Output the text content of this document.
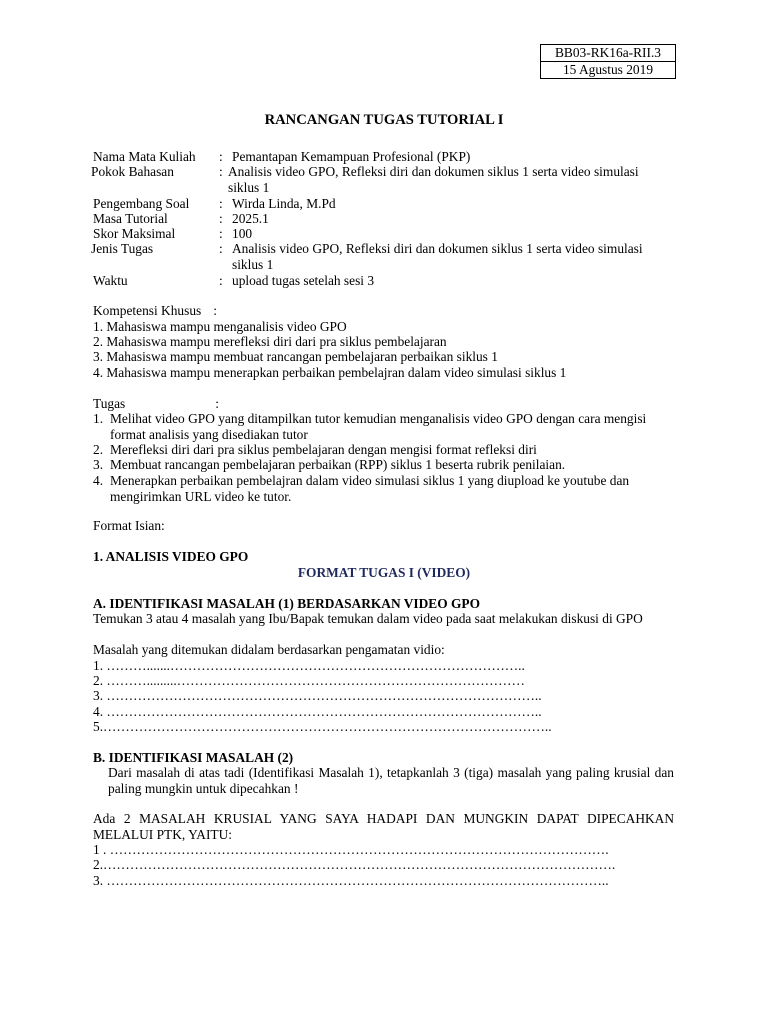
BB03-RK16a-RII.3
15 Agustus 2019
RANCANGAN TUGAS TUTORIAL I
Nama Mata Kuliah : Pemantapan Kemampuan Profesional (PKP)
Pokok Bahasan	: Analisis video GPO, Refleksi diri dan dokumen siklus 1 serta video simulasi siklus 1
Pengembang Soal : Wirda Linda, M.Pd
Masa Tutorial	: 2025.1
Skor Maksimal	: 100
Jenis Tugas	: Analisis video GPO, Refleksi diri dan dokumen siklus 1 serta video simulasi siklus 1
Waktu	: upload tugas setelah sesi 3
Kompetensi Khusus :
1. Mahasiswa mampu menganalisis video GPO
2. Mahasiswa mampu merefleksi diri dari pra siklus pembelajaran
3. Mahasiswa mampu membuat rancangan pembelajaran perbaikan siklus 1
4. Mahasiswa mampu menerapkan perbaikan pembelajran dalam video simulasi siklus 1
Tugas	:
1. Melihat video GPO yang ditampilkan tutor kemudian menganalisis video GPO dengan cara mengisi format analisis yang disediakan tutor
2. Merefleksi diri dari pra siklus pembelajaran dengan mengisi format refleksi diri
3. Membuat rancangan pembelajaran perbaikan (RPP) siklus 1 beserta rubrik penilaian.
4. Menerapkan perbaikan pembelajran dalam video simulasi siklus 1 yang diupload ke youtube dan mengirimkan URL video ke tutor.
Format Isian:
1. ANALISIS VIDEO GPO
FORMAT TUGAS I (VIDEO)
A. IDENTIFIKASI MASALAH (1) BERDASARKAN VIDEO GPO
Temukan 3 atau 4 masalah yang Ibu/Bapak temukan dalam video pada saat melakukan diskusi di GPO
Masalah yang ditemukan didalam berdasarkan pengamatan vidio:
1. ……….......……………………………………………………………………..
2. ……….........……………………………………………………………………
3. ……………………………………………………………………………………..
4. ……………………………………………………………………………………..
5.………………………………………………………………………………………..
B. IDENTIFIKASI MASALAH (2)
Dari masalah di atas tadi (Identifikasi Masalah 1), tetapkanlah 3 (tiga) masalah yang paling krusial dan paling mungkin untuk dipecahkan !
Ada 2 MASALAH KRUSIAL YANG SAYA HADAPI DAN MUNGKIN DAPAT DIPECAHKAN MELALUI PTK, YAITU:
1 . ………………………………………………………………………………………………….
2.…………………………………………………………………………………………………….
3. …………………………………………………………………………………………………..
